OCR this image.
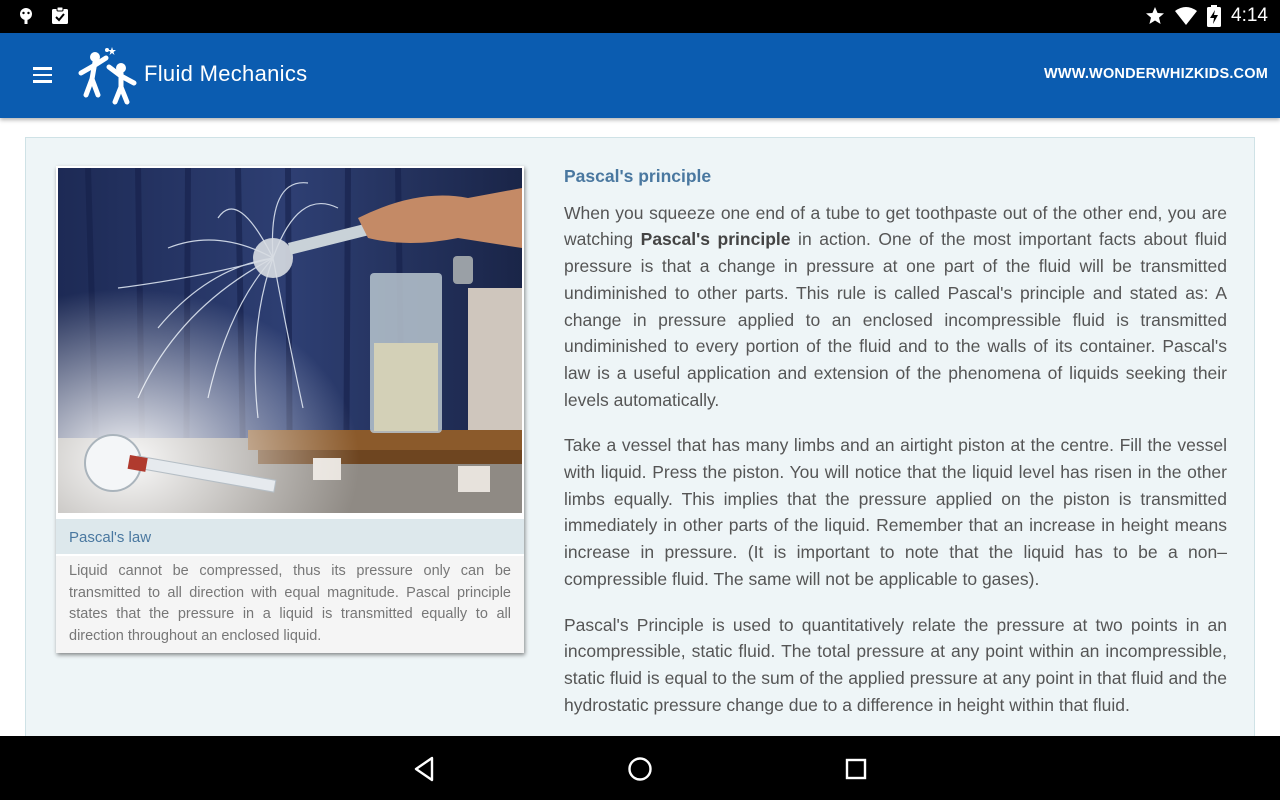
4:14
Fluid Mechanics	WWW.WONDERWHIZKIDS.COM
Pascal's law
Liquid cannot be compressed, thus its pressure only can be transmitted to all direction with equal magnitude. Pascal principle states that the pressure in a liquid is transmitted equally to all direction throughout an enclosed liquid.
Pascal's principle

When you squeeze one end of a tube to get toothpaste out of the other end, you are watching Pascal's principle in action. One of the most important facts about fluid pressure is that a change in pressure at one part of the fluid will be transmitted undiminished to other parts. This rule is called Pascal's principle and stated as: A change in pressure applied to an enclosed incompressible fluid is transmitted undiminished to every portion of the fluid and to the walls of its container. Pascal's law is a useful application and extension of the phenomena of liquids seeking their levels automatically.

Take a vessel that has many limbs and an airtight piston at the centre. Fill the vessel with liquid. Press the piston. You will notice that the liquid level has risen in the other limbs equally. This implies that the pressure applied on the piston is transmitted immediately in other parts of the liquid. Remember that an increase in height means increase in pressure. (It is important to note that the liquid has to be a non–compressible fluid. The same will not be applicable to gases).

Pascal's Principle is used to quantitatively relate the pressure at two points in an incompressible, static fluid. The total pressure at any point within an incompressible, static fluid is equal to the sum of the applied pressure at any point in that fluid and the hydrostatic pressure change due to a difference in height within that fluid.
